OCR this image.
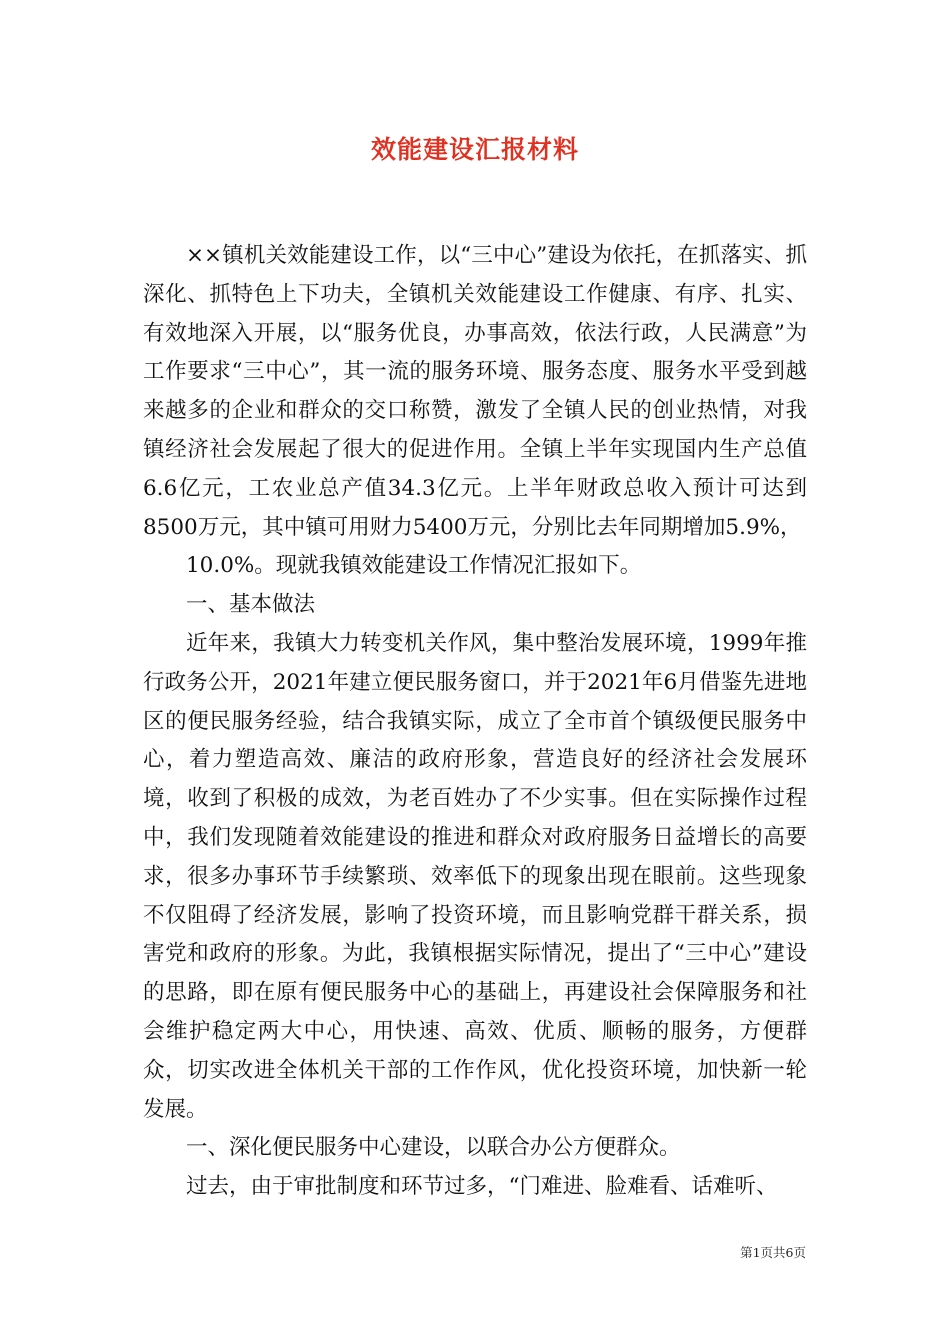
效能建设汇报材料

××镇机关效能建设工作，以“三中心”建设为依托，在抓落实、抓深化、抓特色上下功夫，全镇机关效能建设工作健康、有序、扎实、有效地深入开展，以“服务优良，办事高效，依法行政，人民满意”为工作要求“三中心”，其一流的服务环境、服务态度、服务水平受到越来越多的企业和群众的交口称赞，激发了全镇人民的创业热情，对我镇经济社会发展起了很大的促进作用。全镇上半年实现国内生产总值6.6亿元，工农业总产值34.3亿元。上半年财政总收入预计可达到8500万元，其中镇可用财力5400万元，分别比去年同期增加5.9%，

10.0%。现就我镇效能建设工作情况汇报如下。

一、基本做法

近年来，我镇大力转变机关作风，集中整治发展环境，1999年推行政务公开，2021年建立便民服务窗口，并于2021年6月借鉴先进地区的便民服务经验，结合我镇实际，成立了全市首个镇级便民服务中心，着力塑造高效、廉洁的政府形象，营造良好的经济社会发展环境，收到了积极的成效，为老百姓办了不少实事。但在实际操作过程中，我们发现随着效能建设的推进和群众对政府服务日益增长的高要求，很多办事环节手续繁琐、效率低下的现象出现在眼前。这些现象不仅阻碍了经济发展，影响了投资环境，而且影响党群干群关系，损害党和政府的形象。为此，我镇根据实际情况，提出了“三中心”建设的思路，即在原有便民服务中心的基础上，再建设社会保障服务和社会维护稳定两大中心，用快速、高效、优质、顺畅的服务，方便群众，切实改进全体机关干部的工作作风，优化投资环境，加快新一轮发展。

一、深化便民服务中心建设，以联合办公方便群众。

过去，由于审批制度和环节过多，“门难进、脸难看、话难听、

第1页共6页
